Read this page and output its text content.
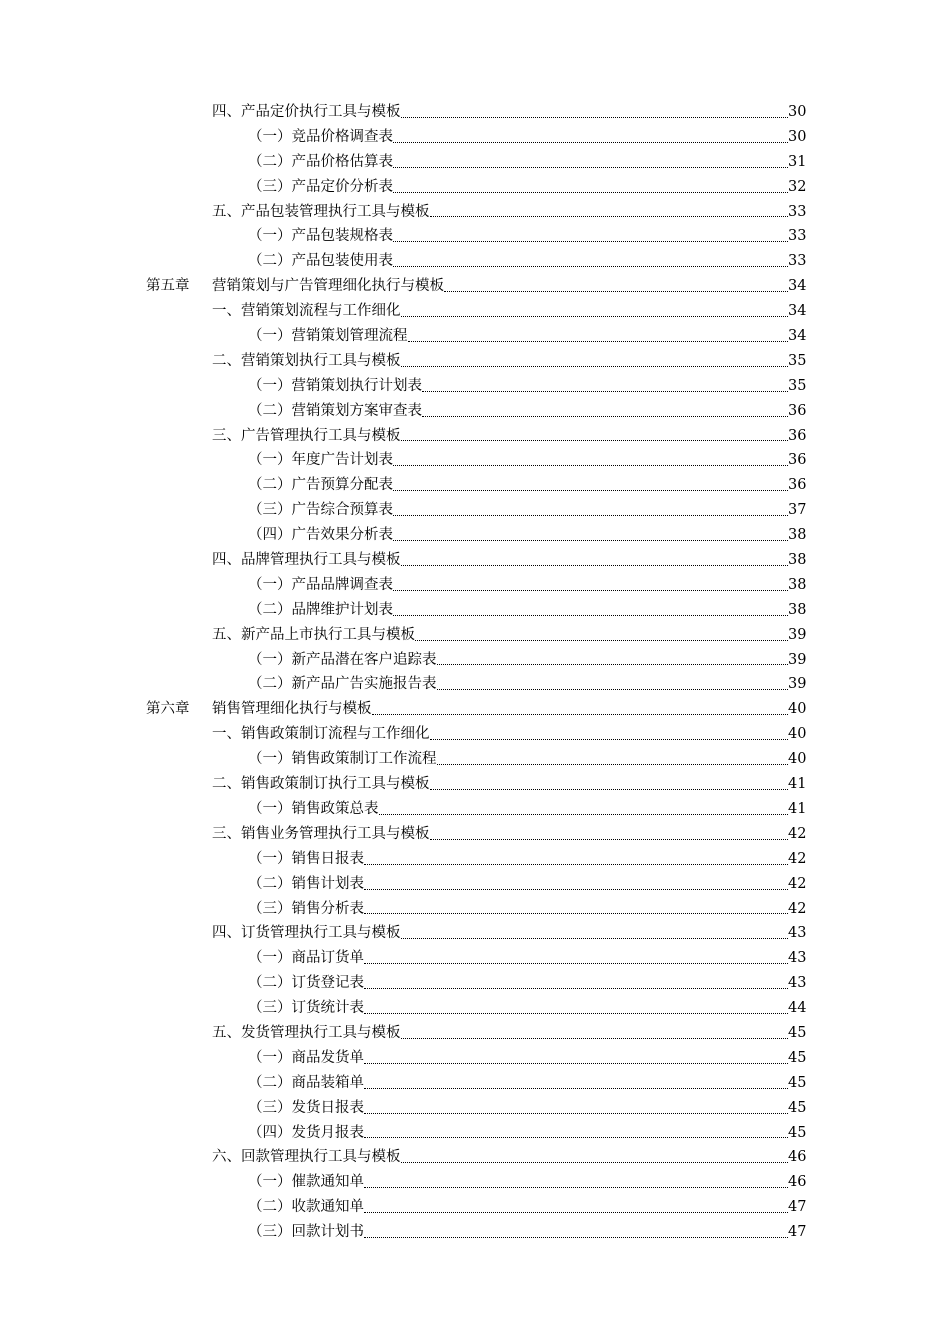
四、产品定价执行工具与模板	30
（一）竞品价格调查表	30
（二）产品价格估算表	31
（三）产品定价分析表	32
五、产品包装管理执行工具与模板	33
（一）产品包装规格表	33
（二）产品包装使用表	33
第五章 营销策划与广告管理细化执行与模板	34
一、营销策划流程与工作细化	34
（一）营销策划管理流程	34
二、营销策划执行工具与模板	35
（一）营销策划执行计划表	35
（二）营销策划方案审查表	36
三、广告管理执行工具与模板	36
（一）年度广告计划表	36
（二）广告预算分配表	36
（三）广告综合预算表	37
（四）广告效果分析表	38
四、品牌管理执行工具与模板	38
（一）产品品牌调查表	38
（二）品牌维护计划表	38
五、新产品上市执行工具与模板	39
（一）新产品潜在客户追踪表	39
（二）新产品广告实施报告表	39
第六章 销售管理细化执行与模板	40
一、销售政策制订流程与工作细化	40
（一）销售政策制订工作流程	40
二、销售政策制订执行工具与模板	41
（一）销售政策总表	41
三、销售业务管理执行工具与模板	42
（一）销售日报表	42
（二）销售计划表	42
（三）销售分析表	42
四、订货管理执行工具与模板	43
（一）商品订货单	43
（二）订货登记表	43
（三）订货统计表	44
五、发货管理执行工具与模板	45
（一）商品发货单	45
（二）商品装箱单	45
（三）发货日报表	45
（四）发货月报表	45
六、回款管理执行工具与模板	46
（一）催款通知单	46
（二）收款通知单	47
（三）回款计划书	47
